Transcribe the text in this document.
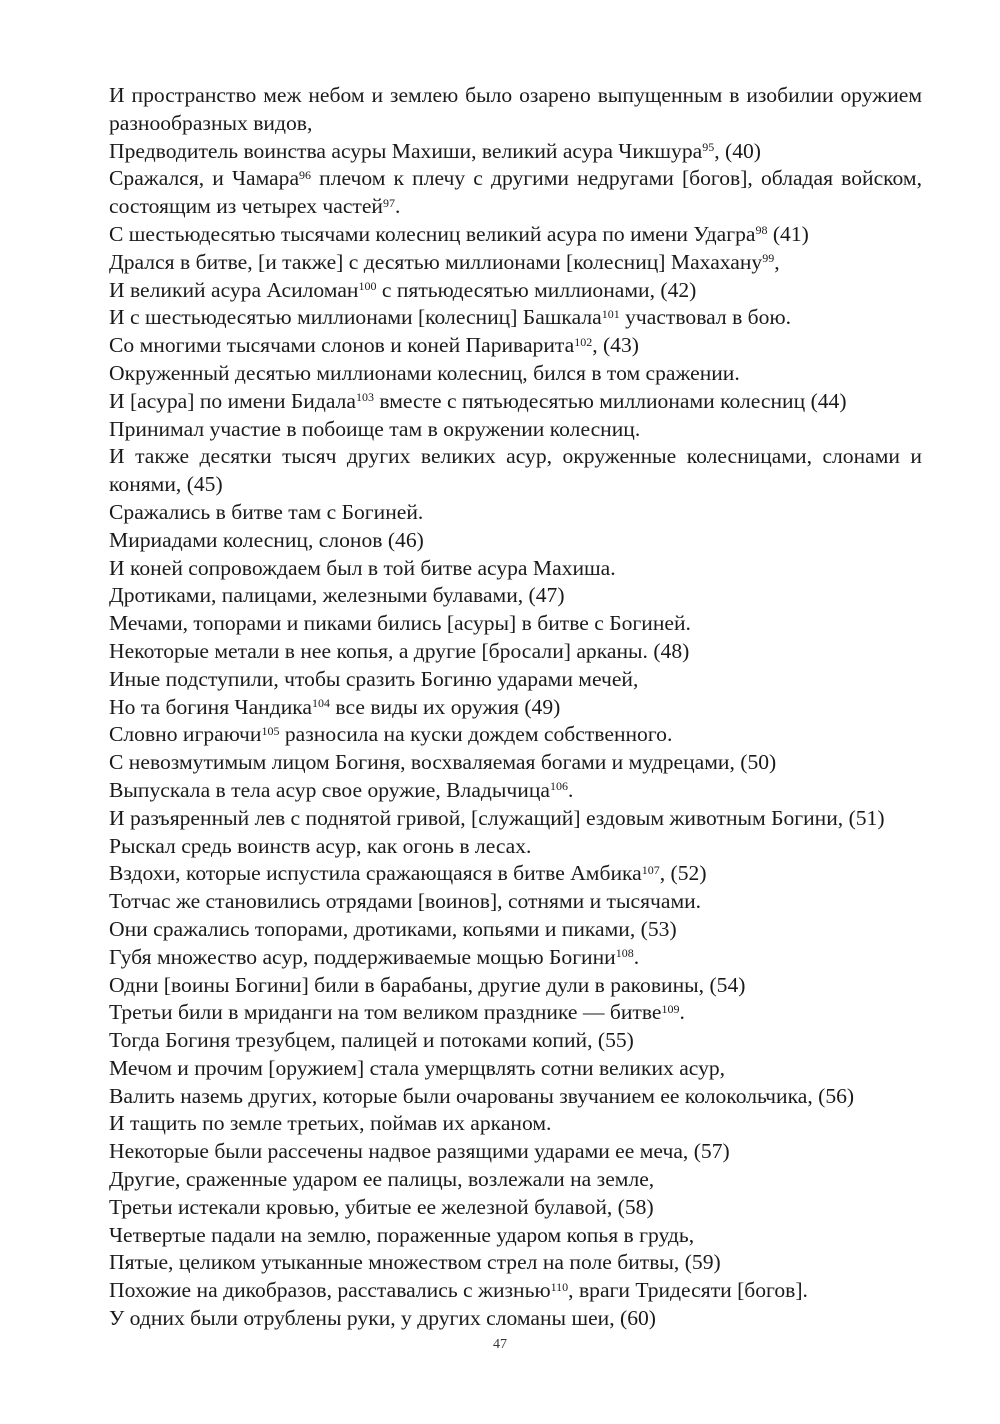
И пространство меж небом и землею было озарено выпущенным в изобилии оружием разнообразных видов,

Предводитель воинства асуры Махиши, великий асура Чикшура$^{95}$, (40)

Сражался, и Чамара$^{96}$ плечом к плечу с другими недругами [богов], обладая войском, состоящим из четырех частей$^{97}$.

С шестьюдесятью тысячами колесниц великий асура по имени Удагра$^{98}$ (41)

Дрался в битве, [и также] с десятью миллионами [колесниц] Махахану$^{99}$,

И великий асура Асиломан$^{100}$ с пятьюдесятью миллионами, (42)

И с шестьюдесятью миллионами [колесниц] Башкала$^{101}$ участвовал в бою.

Со многими тысячами слонов и коней Париварита$^{102}$, (43)

Окруженный десятью миллионами колесниц, бился в том сражении.

И [асура] по имени Бидала$^{103}$ вместе с пятьюдесятью миллионами колесниц (44)

Принимал участие в побоище там в окружении колесниц.

И также десятки тысяч других великих асур, окруженные колесницами, слонами и конями, (45)

Сражались в битве там с Богиней.

Мириадами колесниц, слонов (46)

И коней сопровождаем был в той битве асура Махиша.

Дротиками, палицами, железными булавами, (47)

Мечами, топорами и пиками бились [асуры] в битве с Богиней.

Некоторые метали в нее копья, а другие [бросали] арканы. (48)

Иные подступили, чтобы сразить Богиню ударами мечей,

Но та богиня Чандика$^{104}$ все виды их оружия (49)

Словно играючи$^{105}$ разносила на куски дождем собственного.

С невозмутимым лицом Богиня, восхваляемая богами и мудрецами, (50)

Выпускала в тела асур свое оружие, Владычица$^{106}$.

И разъяренный лев с поднятой гривой, [служащий] ездовым животным Богини, (51)

Рыскал средь воинств асур, как огонь в лесах.

Вздохи, которые испустила сражающаяся в битве Амбика$^{107}$, (52)

Тотчас же становились отрядами [воинов], сотнями и тысячами.

Они сражались топорами, дротиками, копьями и пиками, (53)

Губя множество асур, поддерживаемые мощью Богини$^{108}$.

Одни [воины Богини] били в барабаны, другие дули в раковины, (54)

Третьи били в мриданги на том великом празднике — битве$^{109}$.

Тогда Богиня трезубцем, палицей и потоками копий, (55)

Мечом и прочим [оружием] стала умерщвлять сотни великих асур,

Валить наземь других, которые были очарованы звучанием ее колокольчика, (56)

И тащить по земле третьих, поймав их арканом.

Некоторые были рассечены надвое разящими ударами ее меча, (57)

Другие, сраженные ударом ее палицы, возлежали на земле,

Третьи истекали кровью, убитые ее железной булавой, (58)

Четвертые падали на землю, пораженные ударом копья в грудь,

Пятые, целиком утыканные множеством стрел на поле битвы, (59)

Похожие на дикобразов, расставались с жизнью$^{110}$, враги Тридесяти [богов].

У одних были отрублены руки, у других сломаны шеи, (60)

47
